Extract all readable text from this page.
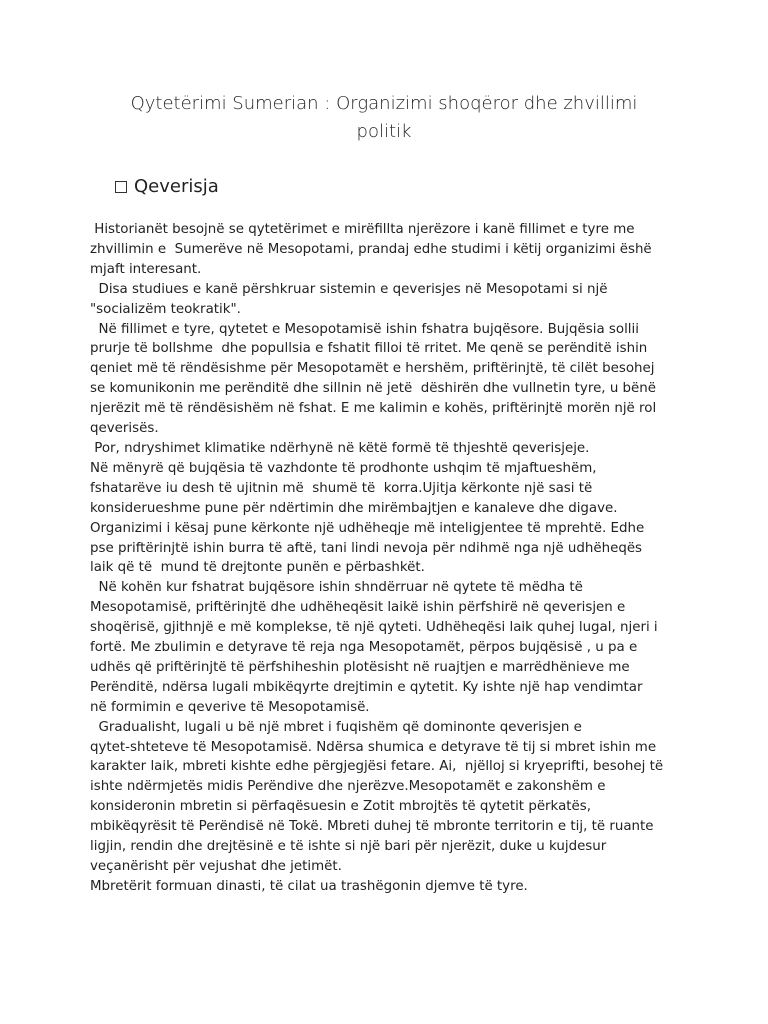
Qytetërimi Sumerian : Organizimi shoqëror dhe zhvillimi
politik
Qeverisja
Historianët besojnë se qytetërimet e mirëfillta njerëzore i kanë fillimet e tyre me
zhvillimin e  Sumerëve në Mesopotami, prandaj edhe studimi i këtij organizimi ëshë
mjaft interesant.
Disa studiues e kanë përshkruar sistemin e qeverisjes në Mesopotami si një
"socializëm teokratik".
Në fillimet e tyre, qytetet e Mesopotamisë ishin fshatra bujqësore. Bujqësia sollii
prurje të bollshme  dhe popullsia e fshatit filloi të rritet. Me qenë se perënditë ishin
qeniet më të rëndësishme për Mesopotamët e hershëm, priftërinjtë, të cilët besohej
se komunikonin me perënditë dhe sillnin në jetë  dëshirën dhe vullnetin tyre, u bënë
njerëzit më të rëndësishëm në fshat. E me kalimin e kohës, priftërinjtë morën një rol
qeverisës.
Por, ndryshimet klimatike ndërhynë në këtë formë të thjeshtë qeverisjeje.
Në mënyrë që bujqësia të vazhdonte të prodhonte ushqim të mjaftueshëm,
fshatarëve iu desh të ujitnin më  shumë të  korra.Ujitja kërkonte një sasi të
konsiderueshme pune për ndërtimin dhe mirëmbajtjen e kanaleve dhe digave.
Organizimi i kësaj pune kërkonte një udhëheqje më inteligjentee të mprehtë. Edhe
pse priftërinjtë ishin burra të aftë, tani lindi nevoja për ndihmë nga një udhëheqës
laik që të  mund të drejtonte punën e përbashkët.
Në kohën kur fshatrat bujqësore ishin shndërruar në qytete të mëdha të
Mesopotamisë, priftërinjtë dhe udhëheqësit laikë ishin përfshirë në qeverisjen e
shoqërisë, gjithnjë e më komplekse, të një qyteti. Udhëheqësi laik quhej lugal, njeri i
fortë. Me zbulimin e detyrave të reja nga Mesopotamët, përpos bujqësisë , u pa e
udhës që priftërinjtë të përfshiheshin plotësisht në ruajtjen e marrëdhënieve me
Perënditë, ndërsa lugali mbikëqyrte drejtimin e qytetit. Ky ishte një hap vendimtar
në formimin e qeverive të Mesopotamisë.
Gradualisht, lugali u bë një mbret i fuqishëm që dominonte qeverisjen e
qytet-shteteve të Mesopotamisë. Ndërsa shumica e detyrave të tij si mbret ishin me
karakter laik, mbreti kishte edhe përgjegjësi fetare. Ai,  njëlloj si kryeprifti, besohej të
ishte ndërmjetës midis Perëndive dhe njerëzve.Mesopotamët e zakonshëm e
konsideronin mbretin si përfaqësuesin e Zotit mbrojtës të qytetit përkatës,
mbikëqyrësit të Perëndisë në Tokë. Mbreti duhej të mbronte territorin e tij, të ruante
ligjin, rendin dhe drejtësinë e të ishte si një bari për njerëzit, duke u kujdesur
veçanërisht për vejushat dhe jetimët.
Mbretërit formuan dinasti, të cilat ua trashëgonin djemve të tyre.
